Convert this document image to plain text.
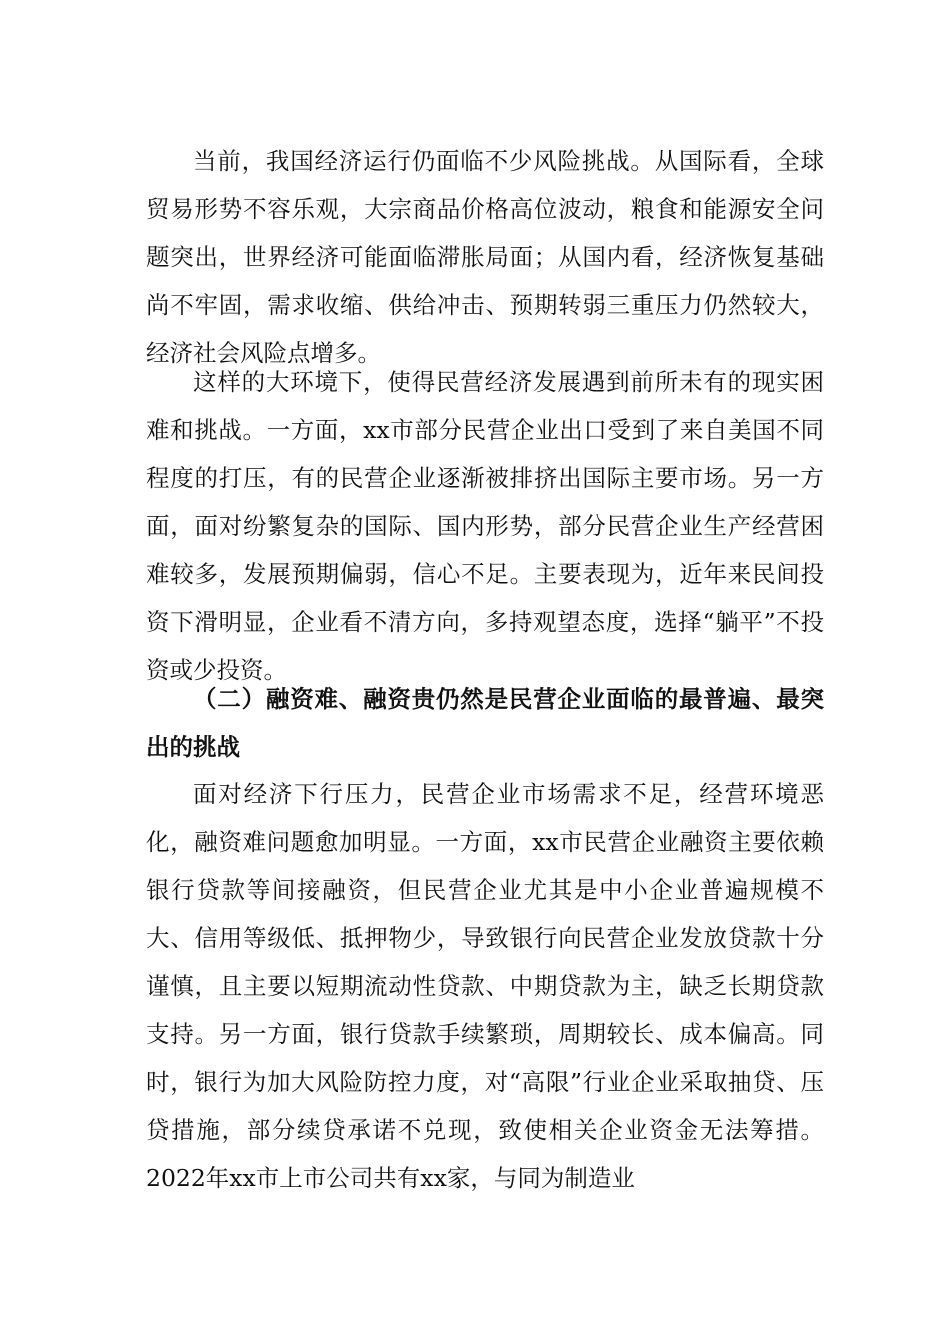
当前，我国经济运行仍面临不少风险挑战。从国际看，全球贸易形势不容乐观，大宗商品价格高位波动，粮食和能源安全问题突出，世界经济可能面临滞胀局面；从国内看，经济恢复基础尚不牢固，需求收缩、供给冲击、预期转弱三重压力仍然较大，经济社会风险点增多。

这样的大环境下，使得民营经济发展遇到前所未有的现实困难和挑战。一方面，xx市部分民营企业出口受到了来自美国不同程度的打压，有的民营企业逐渐被排挤出国际主要市场。另一方面，面对纷繁复杂的国际、国内形势，部分民营企业生产经营困难较多，发展预期偏弱，信心不足。主要表现为，近年来民间投资下滑明显，企业看不清方向，多持观望态度，选择“躺平”不投资或少投资。

（二）融资难、融资贵仍然是民营企业面临的最普遍、最突出的挑战

面对经济下行压力，民营企业市场需求不足，经营环境恶化，融资难问题愈加明显。一方面，xx市民营企业融资主要依赖银行贷款等间接融资，但民营企业尤其是中小企业普遍规模不大、信用等级低、抵押物少，导致银行向民营企业发放贷款十分谨慎，且主要以短期流动性贷款、中期贷款为主，缺乏长期贷款支持。另一方面，银行贷款手续繁琐，周期较长、成本偏高。同时，银行为加大风险防控力度，对“高限”行业企业采取抽贷、压贷措施，部分续贷承诺不兑现，致使相关企业资金无法筹措。2022年xx市上市公司共有xx家，与同为制造业
